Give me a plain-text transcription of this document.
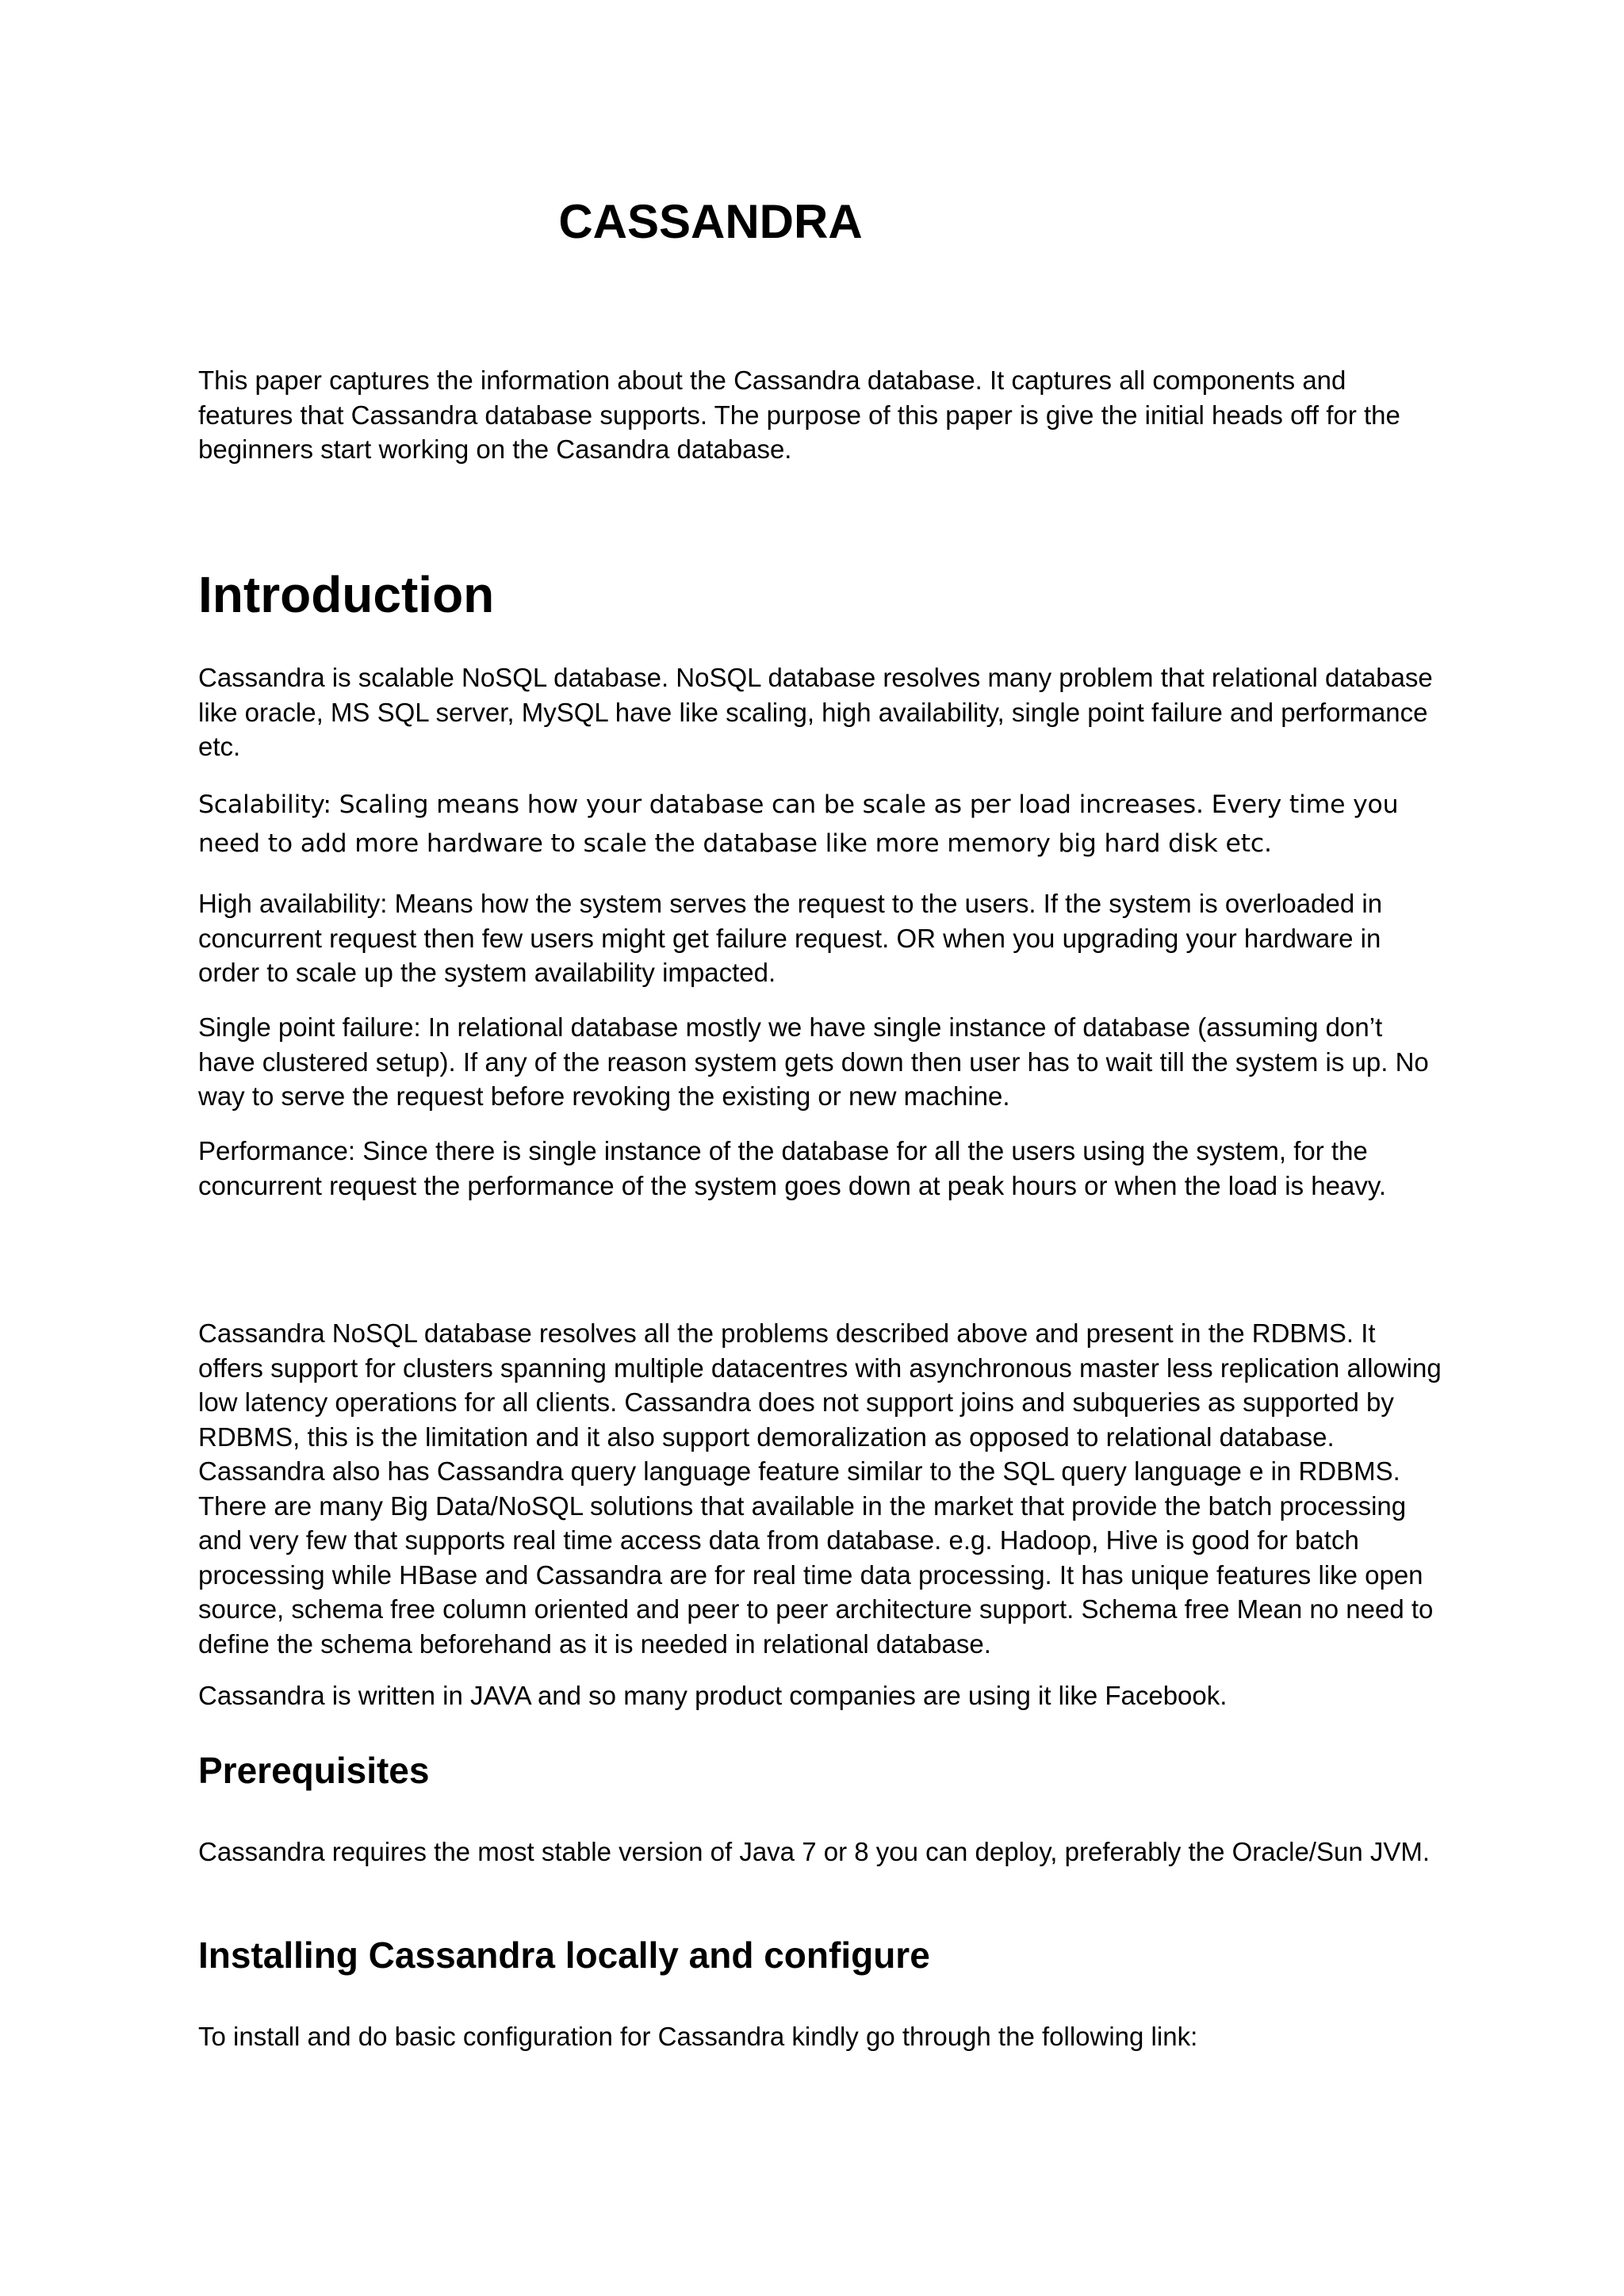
CASSANDRA

This paper captures the information about the Cassandra database. It captures all components and features that Cassandra database supports. The purpose of this paper is give the initial heads off for the beginners start working on the Casandra database.

Introduction

Cassandra is scalable NoSQL database. NoSQL database resolves many problem that relational database like oracle, MS SQL server, MySQL have like scaling, high availability, single point failure and performance etc.

Scalability: Scaling means how your database can be scale as per load increases. Every time you need to add more hardware to scale the database like more memory big hard disk etc.

High availability: Means how the system serves the request to the users. If the system is overloaded in concurrent request then few users might get failure request. OR when you upgrading your hardware in order to scale up the system availability impacted.

Single point failure: In relational database mostly we have single instance of database (assuming don’t have clustered setup). If any of the reason system gets down then user has to wait till the system is up. No way to serve the request before revoking the existing or new machine.

Performance: Since there is single instance of the database for all the users using the system, for the concurrent request the performance of the system goes down at peak hours or when the load is heavy.

Cassandra NoSQL database resolves all the problems described above and present in the RDBMS. It offers support for clusters spanning multiple datacentres with asynchronous master less replication allowing low latency operations for all clients. Cassandra does not support joins and subqueries as supported by RDBMS, this is the limitation and it also support demoralization as opposed to relational database. Cassandra also has Cassandra query language feature similar to the SQL query language e in RDBMS. There are many Big Data/NoSQL solutions that available in the market that provide the batch processing and very few that supports real time access data from database. e.g. Hadoop, Hive is good for batch processing while HBase and Cassandra are for real time data processing. It has unique features like open source, schema free column oriented and peer to peer architecture support. Schema free Mean no need to define the schema beforehand as it is needed in relational database.

Cassandra is written in JAVA and so many product companies are using it like Facebook.

Prerequisites

Cassandra requires the most stable version of Java 7 or 8 you can deploy, preferably the Oracle/Sun JVM.

Installing Cassandra locally and configure

To install and do basic configuration for Cassandra kindly go through the following link:
